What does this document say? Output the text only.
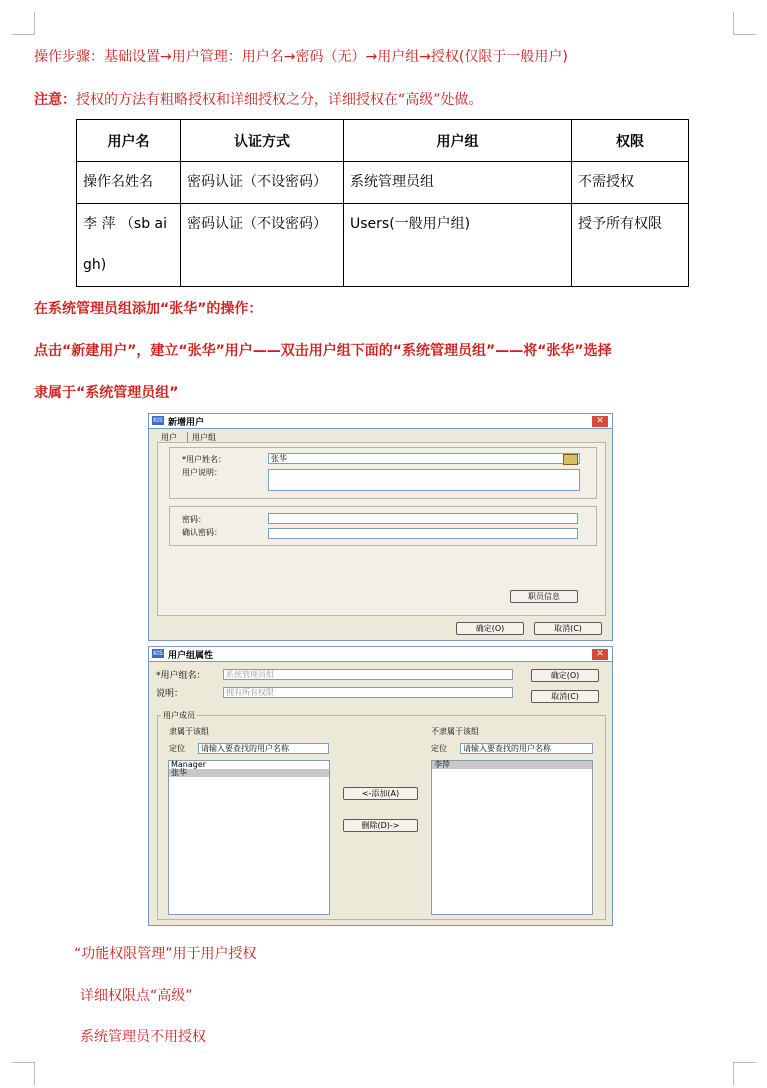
操作步骤：基础设置→用户管理：用户名→密码（无）→用户组→授权(仅限于一般用户)
注意：授权的方法有粗略授权和详细授权之分，详细授权在“高级”处做。
用户名	认证方式	用户组	权限
操作名姓名	密码认证（不设密码）	系统管理员组	不需授权
李 萍 （sb aigh)	密码认证（不设密码）	Users(一般用户组)	授予所有权限
在系统管理员组添加“张华”的操作：
点击“新建用户”，建立“张华”用户——双击用户组下面的“系统管理员组”——将“张华”选择
隶属于“系统管理员组”
KIS 新增用户	✕
用户	用户组
*用户姓名：	张华
用户说明：
密码：
确认密码：
职员信息
确定(O)	取消(C)
KIS 用户组属性	✕
*用户组名：	系统管理员组
说明：	拥有所有权限
确定(O)
取消(C)
用户成员
隶属于该组
定位	请输入要查找的用户名称
Manager
张华
<-添加(A)
删除(D)->
不隶属于该组
定位	请输入要查找的用户名称
李萍
“功能权限管理”用于用户授权
详细权限点“高级”
系统管理员不用授权
